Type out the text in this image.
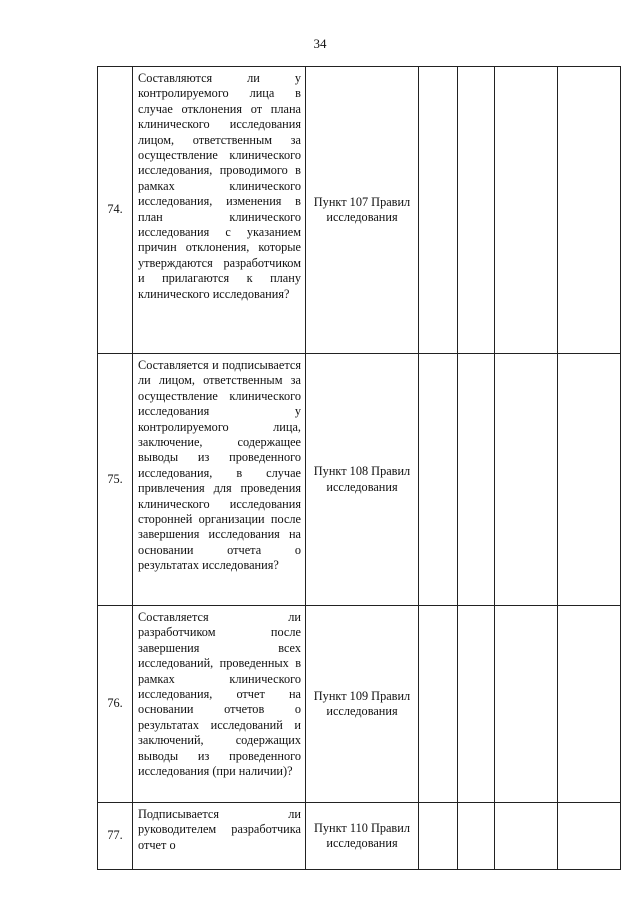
34
74.	Составляются ли у контролируемого лица в случае отклонения от плана клинического исследования лицом, ответственным за осуществление клинического исследования, проводимого в рамках клинического исследования, изменения в план клинического исследования с указанием причин отклонения, которые утверждаются разработчиком и прилагаются к плану клинического исследования?	Пункт 107 Правил исследования				
75.	Составляется и подписывается ли лицом, ответственным за осуществление клинического исследования у контролируемого лица, заключение, содержащее выводы из проведенного исследования, в случае привлечения для проведения клинического исследования сторонней организации после завершения исследования на основании отчета о результатах исследования?	Пункт 108 Правил исследования				
76.	Составляется ли разработчиком после завершения всех исследований, проведенных в рамках клинического исследования, отчет на основании отчетов о результатах исследований и заключений, содержащих выводы из проведенного исследования (при наличии)?	Пункт 109 Правил исследования				
77.	Подписывается ли руководителем разработчика отчет о	Пункт 110 Правил исследования				
